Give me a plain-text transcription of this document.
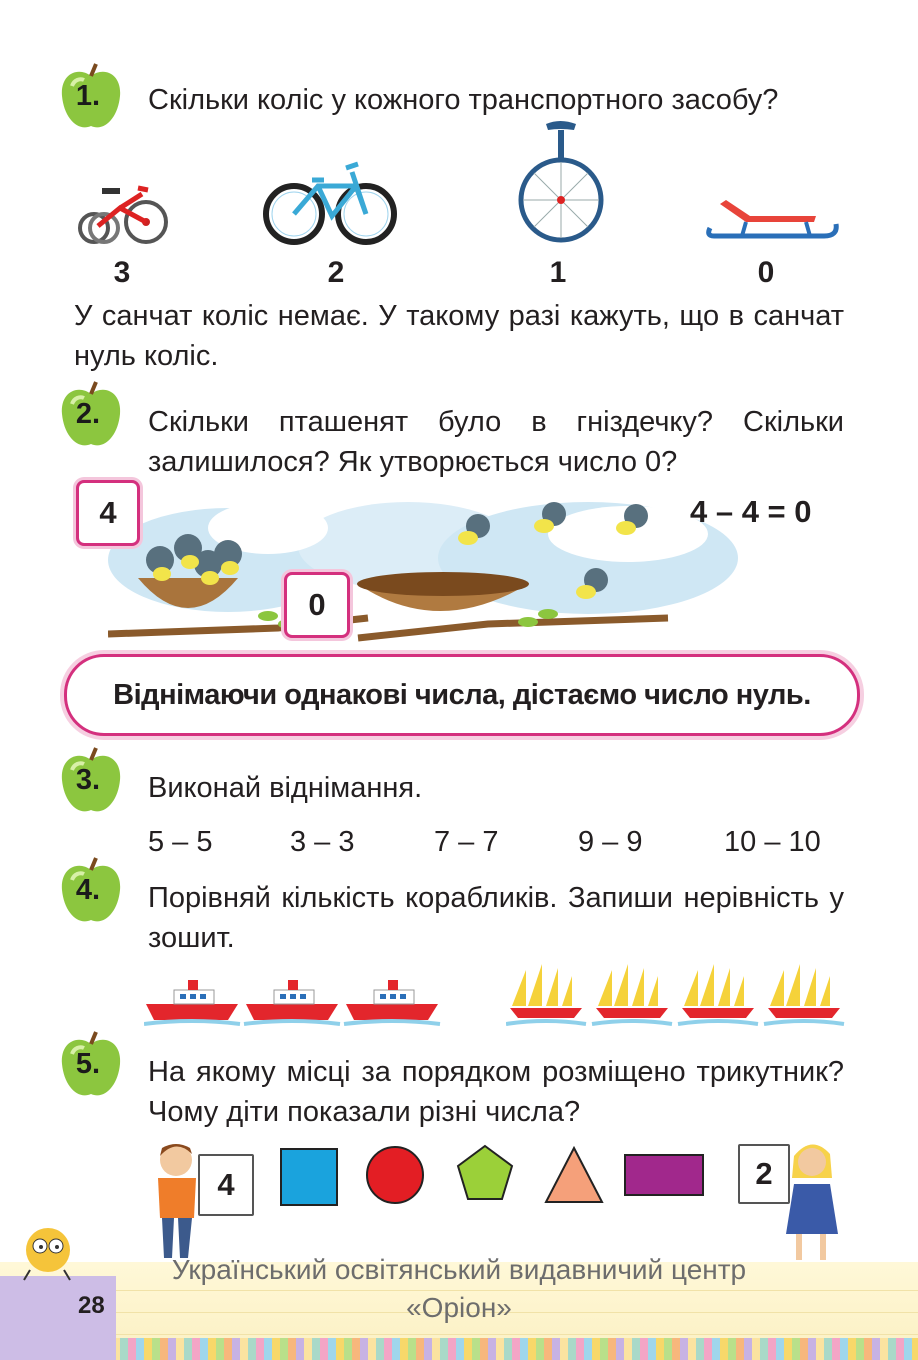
1.	Скільки коліс у кожного транспортного засобу?
3	2	1	0
У санчат коліс немає. У такому разі кажуть, що в санчат нуль коліс.
2.	Скільки пташенят було в гніздечку? Скільки залишилося? Як утворюється число 0?
4
0
4 – 4 = 0
Віднімаючи однакові числа, дістаємо число нуль.
3.	Виконай віднімання.
5 – 5	3 – 3	7 – 7	9 – 9	10 – 10
4.	Порівняй кількість корабликів. Запиши нерівність у зошит.
5.	На якому місці за порядком розміщено трикутник? Чому діти показали різні числа?
4	2
28
Український освітянський видавничий центр
«Оріон»
